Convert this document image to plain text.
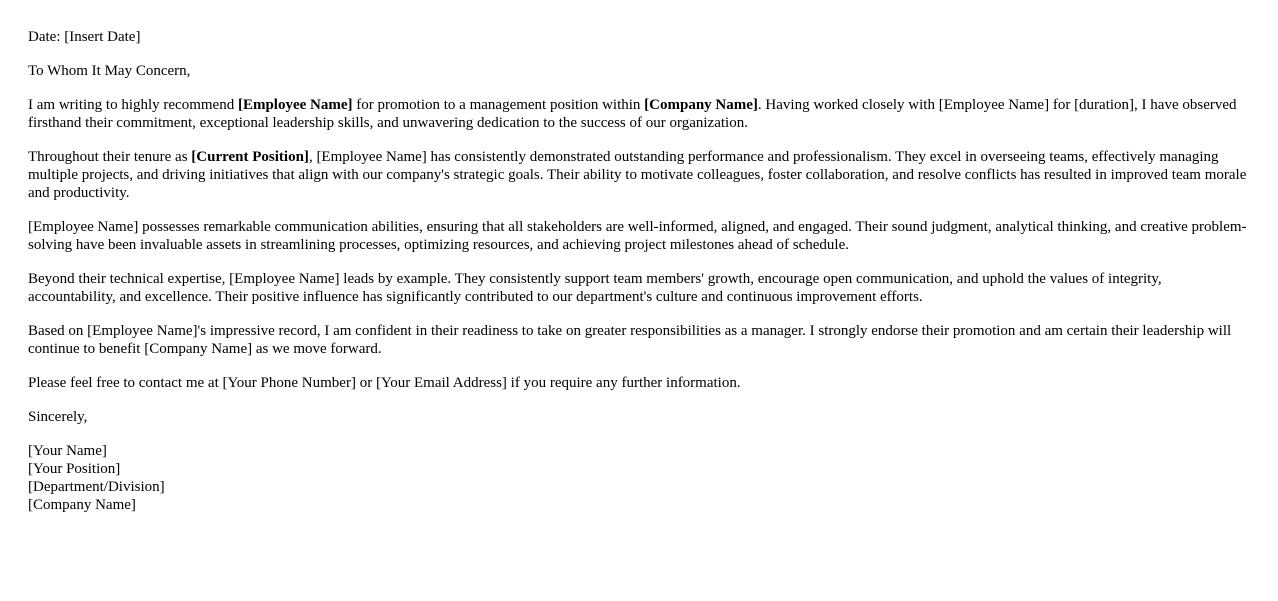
Date: [Insert Date]

To Whom It May Concern,

I am writing to highly recommend [Employee Name] for promotion to a management position within [Company Name]. Having worked closely with [Employee Name] for [duration], I have observed firsthand their commitment, exceptional leadership skills, and unwavering dedication to the success of our organization.

Throughout their tenure as [Current Position], [Employee Name] has consistently demonstrated outstanding performance and professionalism. They excel in overseeing teams, effectively managing multiple projects, and driving initiatives that align with our company's strategic goals. Their ability to motivate colleagues, foster collaboration, and resolve conflicts has resulted in improved team morale and productivity.

[Employee Name] possesses remarkable communication abilities, ensuring that all stakeholders are well-informed, aligned, and engaged. Their sound judgment, analytical thinking, and creative problem-solving have been invaluable assets in streamlining processes, optimizing resources, and achieving project milestones ahead of schedule.

Beyond their technical expertise, [Employee Name] leads by example. They consistently support team members' growth, encourage open communication, and uphold the values of integrity, accountability, and excellence. Their positive influence has significantly contributed to our department's culture and continuous improvement efforts.

Based on [Employee Name]'s impressive record, I am confident in their readiness to take on greater responsibilities as a manager. I strongly endorse their promotion and am certain their leadership will continue to benefit [Company Name] as we move forward.

Please feel free to contact me at [Your Phone Number] or [Your Email Address] if you require any further information.

Sincerely,

[Your Name]
[Your Position]
[Department/Division]
[Company Name]
